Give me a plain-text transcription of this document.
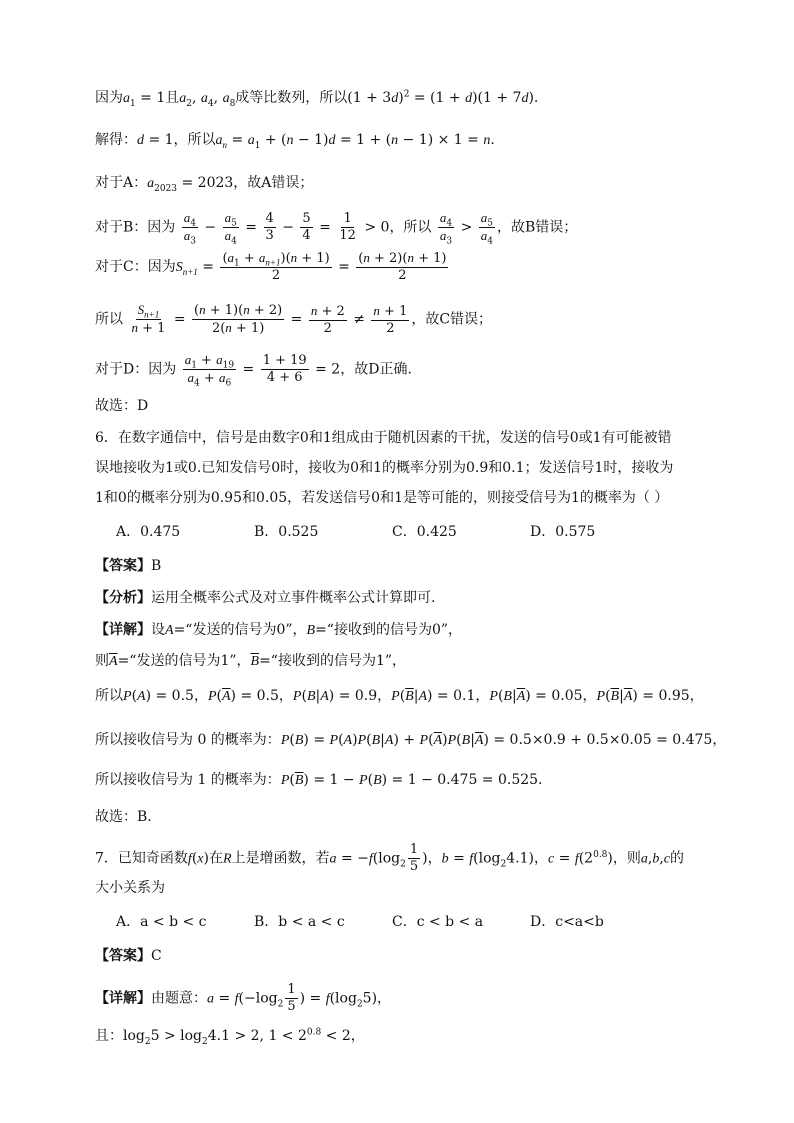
因为$a_1 = 1$且$a_2$, $a_4$, $a_8$成等比数列，所以$(1 + 3d)^2 = (1 + d)(1 + 7d)$.
解得：d = 1，所以$a_n = a_1 + (n - 1)d = 1 + (n - 1) \times 1 = n$.
对于A：$a_{2023} = 2023$，故A错误；
对于B：因为 $\frac{a_4}{a_3} - \frac{a_5}{a_4} = \frac{4}{3} - \frac{5}{4} = \frac{1}{12} > 0$，所以 $\frac{a_4}{a_3} > \frac{a_5}{a_4}$ ，故B错误；
对于C：因为$S_{n+1} = \frac{(a_1 + a_{n+1})(n + 1)}{2} = \frac{(n + 2)(n + 1)}{2}$
所以 $\frac{S_{n+1}}{n + 1} = \frac{(n + 1)(n + 2)}{2(n + 1)} = \frac{n + 2}{2} \ne \frac{n + 1}{2}$ ，故C错误；
对于D：因为 $\frac{a_1 + a_{19}}{a_4 + a_6} = \frac{1 + 19}{4 + 6} = 2$，故D正确.
故选：D
6．在数字通信中，信号是由数字0和1组成由于随机因素的干扰，发送的信号0或1有可能被错
误地接收为1或0.已知发信号0时，接收为0和1的概率分别为0.9和0.1；发送信号1时，接收为
1和0的概率分别为0.95和0.05，若发送信号0和1是等可能的，则接受信号为1的概率为（ ）
A．0.475	B．0.525	C．0.425	D．0.575
【答案】B
【分析】运用全概率公式及对立事件概率公式计算即可.
【详解】设A=“发送的信号为0”，B=“接收到的信号为0”，
则$\overline{A}=“$发送的信号为1”，$\overline{B}=“$接收到的信号为1”，
所以P(A) = 0.5，$P(\overline{A}) = 0.5$，P(B|A) = 0.9，$P(\overline{B}|A) = 0.1$，$P(B|\overline{A}) = 0.05$，$P(\overline{B}|\overline{A}) = 0.95$，
所以接收信号为 0 的概率为：$P(B) = P(A)P(B|A) + P(\overline{A})P(B|\overline{A}) = 0.5\times 0.9 + 0.5\times 0.05 = 0.475$，
所以接收信号为 1 的概率为：$P(\overline{B}) = 1 - P(B) = 1 - 0.475 = 0.525$.
故选：B.
7．已知奇函数f(x)在R上是增函数，若$a = -f(\log_2 \frac{1}{5}$ )，$b = f(\log_24.1)$，$c = f(2^{0.8})$，则a,b,c的
大小关系为
A．a < b < c	B．b < a < c	C．c < b < a	D．c<a<b
【答案】C
【详解】由题意：$a = f(-\log_2 \frac{1}{5}$ ) = $f(\log_25)$，
且：$\log_25 > \log_24.1 > 2$, $1 < 2^{0.8} < 2$，
